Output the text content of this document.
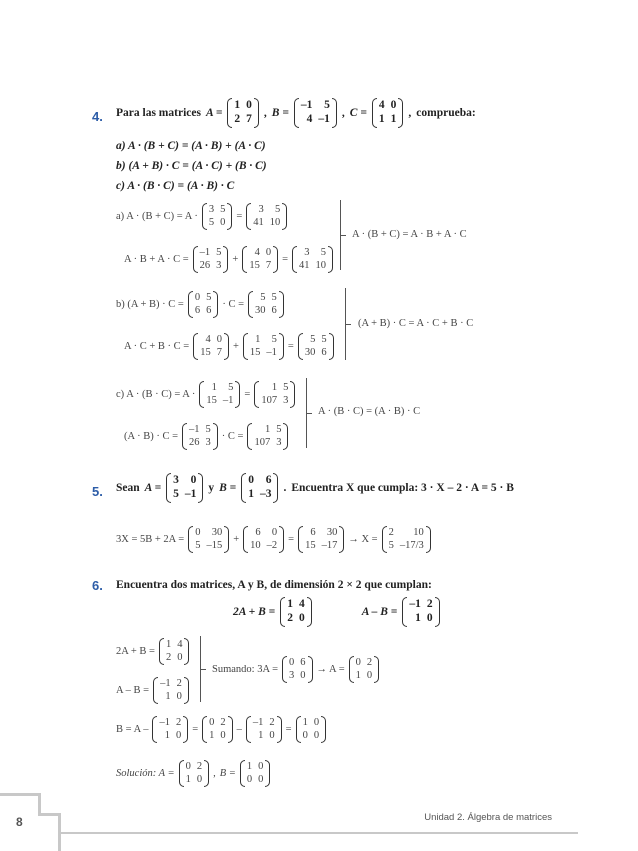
4. Para las matrices A =
1	0
2	7 , B =
–1	5
4	–1 , C =
4	0
1	1 , comprueba:
a) A · (B + C) = (A · B) + (A · C)
b) (A + B) · C = (A · C) + (B · C)
c) A · (B · C) = (A · B) · C
a) A · (B + C) = A ·
3	5
5	0 =
3	5
41	10
A · B + A · C =
–1	5
26	3 +
4	0
15	7 =
3	5
41	10
A · (B + C) = A · B + A · C
b) (A + B) · C =
0	5
6	6 · C =
5	5
30	6
A · C + B · C =
4	0
15	7 +
1	5
15	–1 =
5	5
30	6
(A + B) · C = A · C + B · C
c) A · (B · C) = A ·
1	5
15	–1 =
1	5
107	3
(A · B) · C =
–1	5
26	3 · C =
1	5
107	3
A · (B · C) = (A · B) · C
5. Sean A =
3	0
5	–1 y B =
0	6
1	–3 . Encuentra X que cumpla: 3 · X – 2 · A = 5 · B
3X = 5B + 2A =
0	30
5	–15 +
6	0
10	–2 =
6	30
15	–17 → X =
2	10
5	–17/3
6. Encuentra dos matrices, A y B, de dimensión 2 × 2 que cumplan:
2A + B =
1	4
2	0	A – B =
–1	2
1	0
2A + B =
1	4
2	0
A – B =
–1	2
1	0
Sumando: 3A =
0	6
3	0 → A =
0	2
1	0
B = A –
–1	2
1	0 =
0	2
1	0 –
–1	2
1	0 =
1	0
0	0
Solución: A =
0	2
1	0 , B =
1	0
0	0
8	Unidad 2. Álgebra de matrices
